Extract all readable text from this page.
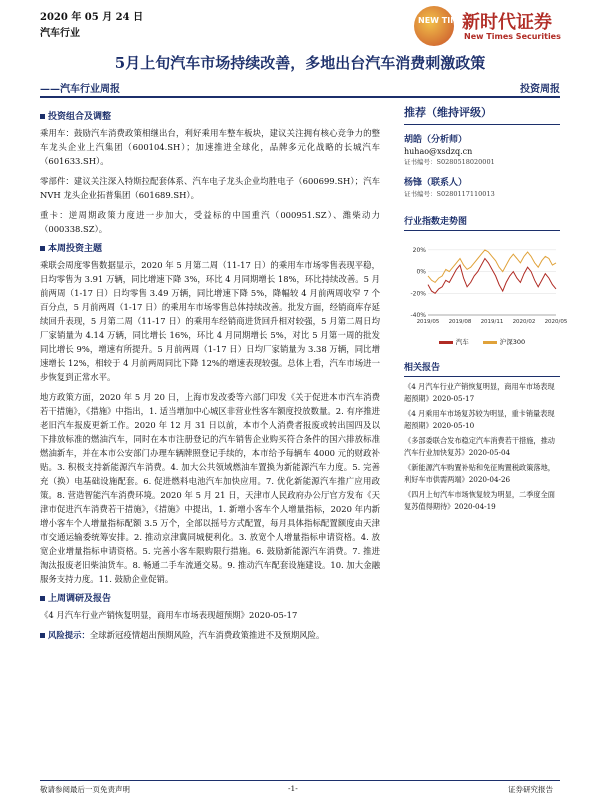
2020 年 05 月 24 日
汽车行业
NEW TIMES
新时代证券
New Times Securities
5月上旬汽车市场持续改善，多地出台汽车消费刺激政策
——汽车行业周报	投资周报
投资组合及调整

乘用车：鼓励汽车消费政策相继出台，利好乘用车整车板块，建议关注拥有核心竞争力的整车龙头企业上汽集团（600104.SH）；加速推进全球化，品牌多元化战略的长城汽车（601633.SH）。

零部件：建议关注深入特斯拉配套体系、汽车电子龙头企业均胜电子（600699.SH）；汽车 NVH 龙头企业拓普集团（601689.SH）。

重卡：逆周期政策力度进一步加大，受益标的中国重汽（000951.SZ）、潍柴动力（000338.SZ）。

本周投资主题

乘联会周度零售数据显示，2020 年 5 月第二周（11-17 日）的乘用车市场零售表现平稳，日均零售为 3.91 万辆，同比增速下降 3%，环比 4 月同期增长 18%，环比持续改善。5 月前两周（1-17 日）日均零售 3.49 万辆，同比增速下降 5%，降幅较 4 月前两周收窄 7 个百分点，5 月前两周（1-17 日）的乘用车市场零售总体持续改善。批发方面，经销商库存延续回升表现，5 月第二周（11-17 日）的乘用车经销商进货回升相对较强，5 月第二周日均厂家销量为 4.14 万辆，同比增长 16%，环比 4 月同期增长 5%，对比 5 月第一周的批发同比增长 9%，增速有所提升。5 月前两周（1-17 日）日均厂家销量为 3.38 万辆，同比增速增长 12%，相较于 4 月前两周同比下降 12%的增速表现较强。总体上看，汽车市场进一步恢复到正常水平。

地方政策方面，2020 年 5 月 20 日，上海市发改委等六部门印发《关于促进本市汽车消费若干措施》，《措施》中指出，1. 适当增加中心城区非营业性客车额度投放数量。2. 有序推进老旧汽车报废更新工作。2020 年 12 月 31 日以前，本市个人消费者报废或转出国四及以下排放标准的燃油汽车，同时在本市注册登记的汽车销售企业购买符合条件的国六排放标准燃油新车，并在本市公安部门办理车辆牌照登记手续的，本市给予每辆车 4000 元的财政补贴。3. 积极支持新能源汽车消费。4. 加大公共领域燃油车置换为新能源汽车力度。5. 完善充（换）电基础设施配套。6. 促进燃料电池汽车加快应用。7. 优化新能源汽车推广应用政策。8. 营造智能汽车消费环境。2020 年 5 月 21 日，天津市人民政府办公厅官方发布《天津市促进汽车消费若干措施》，《措施》中提出，1. 新增小客车个人增量指标，2020 年内新增小客车个人增量指标配额 3.5 万个，全部以摇号方式配置，每月具体指标配置额度由天津市交通运输委统筹安排。2. 推动京津冀同城便利化。3. 放宽个人增量指标申请资格。4. 放宽企业增量指标申请资格。5. 完善小客车限购限行措施。6. 鼓励新能源汽车消费。7. 推进淘汰报废老旧柴油货车。8. 畅通二手车流通交易。9. 推动汽车配套设施建设。10. 加大金融服务支持力度。11. 鼓励企业促销。

上周调研及报告

《4 月汽车行业产销恢复明显，商用车市场表现超预期》2020-05-17

风险提示：全球新冠疫情超出预期风险，汽车消费政策推进不及预期风险。

推荐（维持评级）
胡皓（分析师）
huhao@xsdzq.cn
证书编号：S0280518020001
杨锋（联系人）
证书编号：S0280117110013
行业指数走势图
-40%
-20%
0%
20%
2019/05 2019/08 2019/11 2020/02 2020/05
汽车	沪深300
相关报告
《4 月汽车行业产销恢复明显，商用车市场表现超预期》2020-05-17
《4 月乘用车市场复苏较为明显，重卡销量表现超预期》2020-05-10
《多部委联合发布稳定汽车消费若干措施，推动汽车行业加快复苏》2020-05-04
《新能源汽车购置补贴和免征购置税政策落地，利好车市供需两端》2020-04-26
《四月上旬汽车市场恢复较为明显，二季度全面复苏值得期待》2020-04-19
敬请参阅最后一页免责声明	-1-	证券研究报告
